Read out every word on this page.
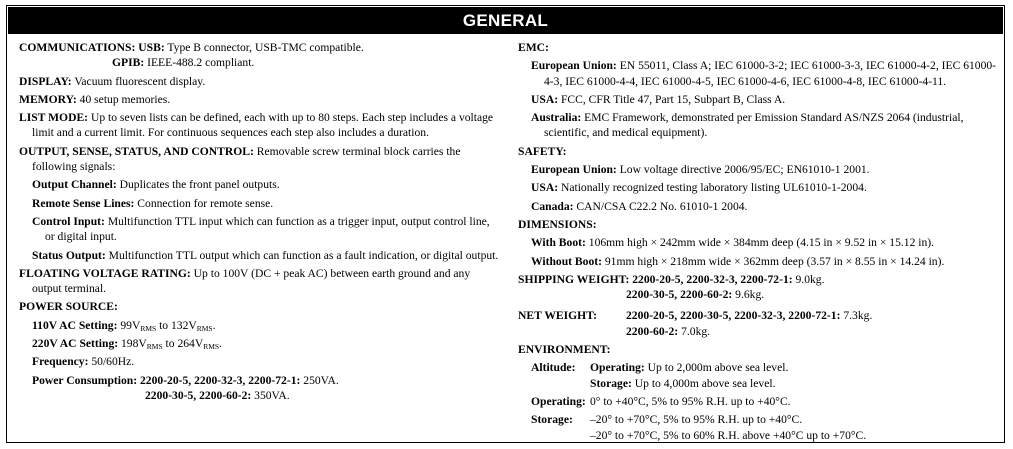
GENERAL

COMMUNICATIONS: USB: Type B connector, USB-TMC compatible.

GPIB: IEEE-488.2 compliant.

DISPLAY: Vacuum fluorescent display.

MEMORY: 40 setup memories.

LIST MODE: Up to seven lists can be defined, each with up to 80 steps. Each step includes a voltage limit and a current limit. For continuous sequences each step also includes a duration.

OUTPUT, SENSE, STATUS, AND CONTROL: Removable screw terminal block carries the following signals:

Output Channel: Duplicates the front panel outputs.

Remote Sense Lines: Connection for remote sense.

Control Input: Multifunction TTL input which can function as a trigger input, output control line, or digital input.

Status Output: Multifunction TTL output which can function as a fault indication, or digital output.

FLOATING VOLTAGE RATING: Up to 100V (DC + peak AC) between earth ground and any output terminal.

POWER SOURCE:

110V AC Setting: $99V_{RMS}$ to $132V_{RMS}$.

220V AC Setting: $198V_{RMS}$ to $264V_{RMS}$.

Frequency: 50/60Hz.

Power Consumption: 2200-20-5, 2200-32-3, 2200-72-1: 250VA.

2200-30-5, 2200-60-2: 350VA.

EMC:

European Union: EN 55011, Class A; IEC 61000-3-2; IEC 61000-3-3, IEC 61000-4-2, IEC 61000-4-3, IEC 61000-4-4, IEC 61000-4-5, IEC 61000-4-6, IEC 61000-4-8, IEC 61000-4-11.

USA: FCC, CFR Title 47, Part 15, Subpart B, Class A.

Australia: EMC Framework, demonstrated per Emission Standard AS/NZS 2064 (industrial, scientific, and medical equipment).

SAFETY:

European Union: Low voltage directive 2006/95/EC; EN61010-1 2001.

USA: Nationally recognized testing laboratory listing UL61010-1-2004.

Canada: CAN/CSA C22.2 No. 61010-1 2004.

DIMENSIONS:

With Boot: 106mm high × 242mm wide × 384mm deep (4.15 in × 9.52 in × 15.12 in).

Without Boot: 91mm high × 218mm wide × 362mm deep (3.57 in × 8.55 in × 14.24 in).

SHIPPING WEIGHT: 2200-20-5, 2200-32-3, 2200-72-1: 9.0kg.

2200-30-5, 2200-60-2: 9.6kg.

NET WEIGHT:	2200-20-5, 2200-30-5, 2200-32-3, 2200-72-1: 7.3kg.
2200-60-2: 7.0kg.

ENVIRONMENT:

Altitude:	Operating: Up to 2,000m above sea level.
Storage: Up to 4,000m above sea level.
Operating: 0° to +40°C, 5% to 95% R.H. up to +40°C.
Storage:	–20° to +70°C, 5% to 95% R.H. up to +40°C.
–20° to +70°C, 5% to 60% R.H. above +40°C up to +70°C.
